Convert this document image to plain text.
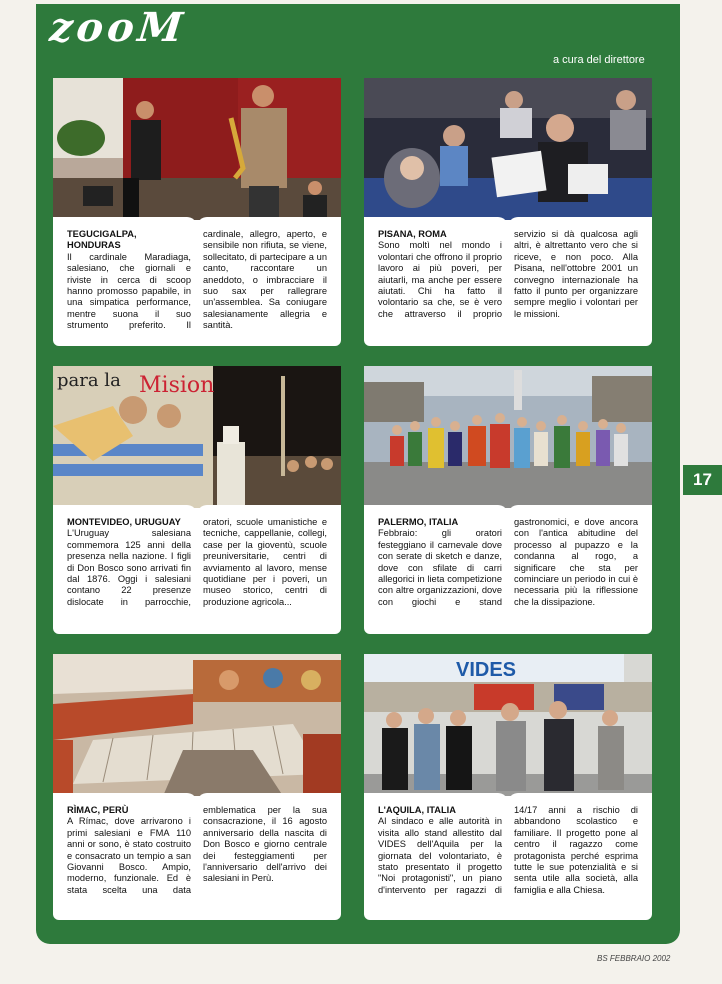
zooM
a cura del direttore
17
BS FEBBRAIO 2002
TEGUCIGALPA, HONDURAS
Il cardinale Maradiaga, salesiano, che giornali e riviste in cerca di scoop hanno promosso papabile, in una simpatica performance, mentre suona il suo strumento preferito. Il cardinale, allegro, aperto, e sensibile non rifiuta, se viene, sollecitato, di partecipare a un canto, raccontare un aneddoto, o imbracciare il suo sax per rallegrare un'assemblea. Sa coniugare salesianamente allegria e santità.
PISANA, ROMA
Sono moltì nel mondo i volontari che offrono il proprio lavoro ai più poveri, per aiutarli, ma anche per essere aiutati. Chi ha fatto il volontario sa che, se è vero che attraverso il proprio servizio si dà qualcosa agli altri, è altrettanto vero che si riceve, e non poco. Alla Pisana, nell'ottobre 2001 un convegno internazionale ha fatto il punto per organizzare sempre meglio i volontari per le missioni.
para la Mision
MONTEVIDEO, URUGUAY
L'Uruguay salesiana commemora 125 anni della presenza nella nazione. I figli di Don Bosco sono arrivati fin dal 1876. Oggi i salesiani contano 22 presenze dislocate in parrocchie, oratori, scuole umanistiche e tecniche, cappellanie, collegi, case per la gioventù, scuole preuniversitarie, centri di avviamento al lavoro, mense quotidiane per i poveri, un museo storico, centri di produzione agricola...
PALERMO, ITALIA
Febbraio: gli oratori festeggiano il carnevale dove con serate di sketch e danze, dove con sfilate di carri allegorici in lieta competizione con altre organizzazioni, dove con giochi e stand gastronomici, e dove ancora con l'antica abitudine del processo al pupazzo e la condanna al rogo, a significare che sta per cominciare un periodo in cui è necessaria più la riflessione che la dissipazione.
RÌMAC, PERÙ
A Rímac, dove arrivarono i primi salesiani e FMA 110 anni or sono, è stato costruito e consacrato un tempio a san Giovanni Bosco. Ampio, moderno, funzionale. Ed è stata scelta una data emblematica per la sua consacrazione, il 16 agosto anniversario della nascita di Don Bosco e giorno centrale dei festeggiamenti per l'anniversario dell'arrivo dei salesiani in Perù.
VIDES
L'AQUILA, ITALIA
Al sindaco e alle autorità in visita allo stand allestito dal VIDES dell'Aquila per la giornata del volontariato, è stato presentato il progetto "Noi protagonisti", un piano d'intervento per ragazzi di 14/17 anni a rischio di abbandono scolastico e familiare. Il progetto pone al centro il ragazzo come protagonista perché esprima tutte le sue potenzialità e si senta utile alla società, alla famiglia e alla Chiesa.
